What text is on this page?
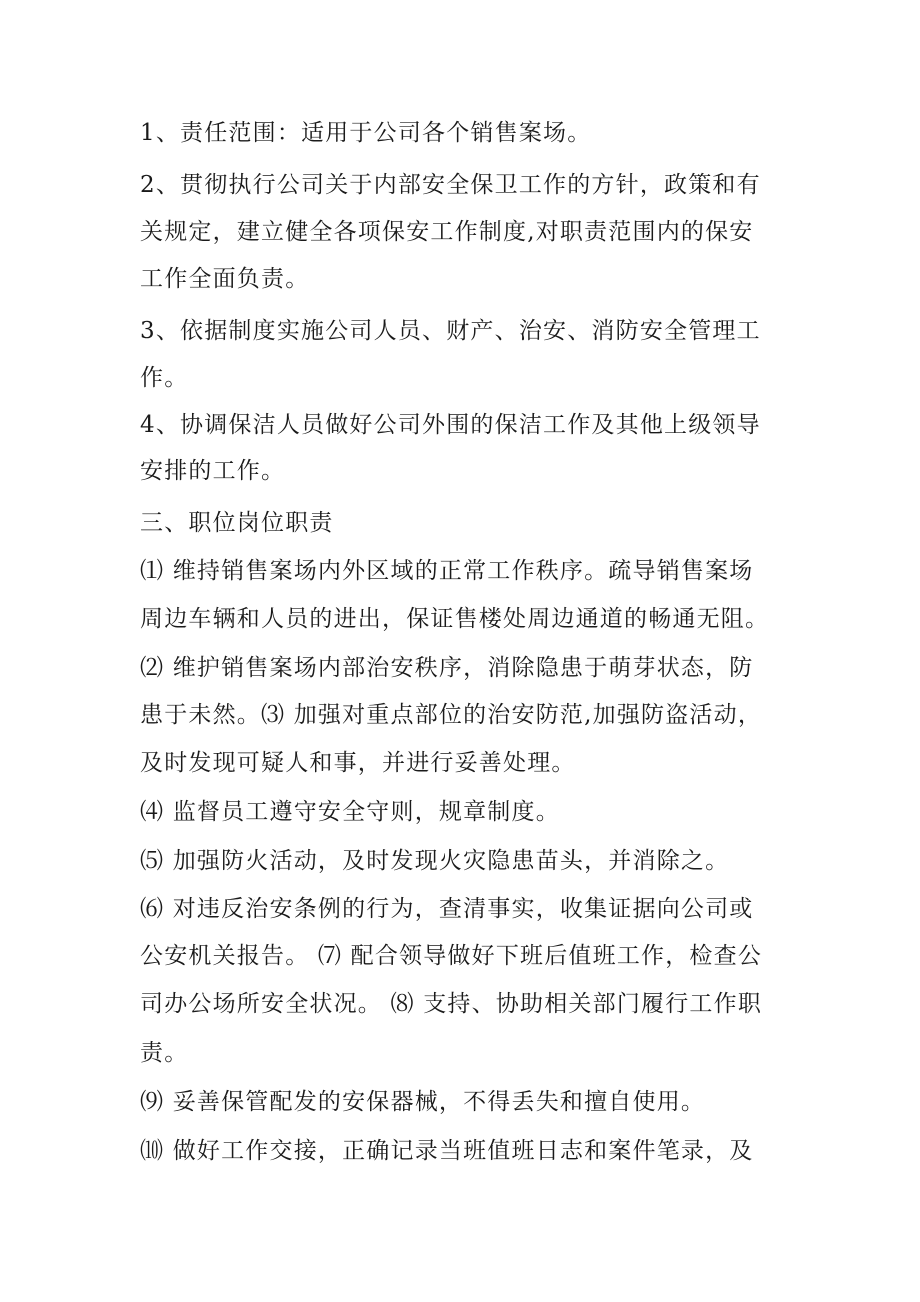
1、责任范围：适用于公司各个销售案场。
2、贯彻执行公司关于内部安全保卫工作的方针，政策和有
关规定，建立健全各项保安工作制度,对职责范围内的保安
工作全面负责。
3、依据制度实施公司人员、财产、治安、消防安全管理工
作。
4、协调保洁人员做好公司外围的保洁工作及其他上级领导
安排的工作。
三、职位岗位职责
⑴ 维持销售案场内外区域的正常工作秩序。疏导销售案场
周边车辆和人员的进出，保证售楼处周边通道的畅通无阻。
⑵ 维护销售案场内部治安秩序，消除隐患于萌芽状态，防
患于未然。⑶ 加强对重点部位的治安防范,加强防盗活动，
及时发现可疑人和事，并进行妥善处理。
⑷ 监督员工遵守安全守则，规章制度。
⑸ 加强防火活动，及时发现火灾隐患苗头，并消除之。
⑹ 对违反治安条例的行为，查清事实，收集证据向公司或
公安机关报告。 ⑺ 配合领导做好下班后值班工作，检查公
司办公场所安全状况。 ⑻ 支持、协助相关部门履行工作职
责。
⑼ 妥善保管配发的安保器械，不得丢失和擅自使用。
⑽ 做好工作交接，正确记录当班值班日志和案件笔录，及
